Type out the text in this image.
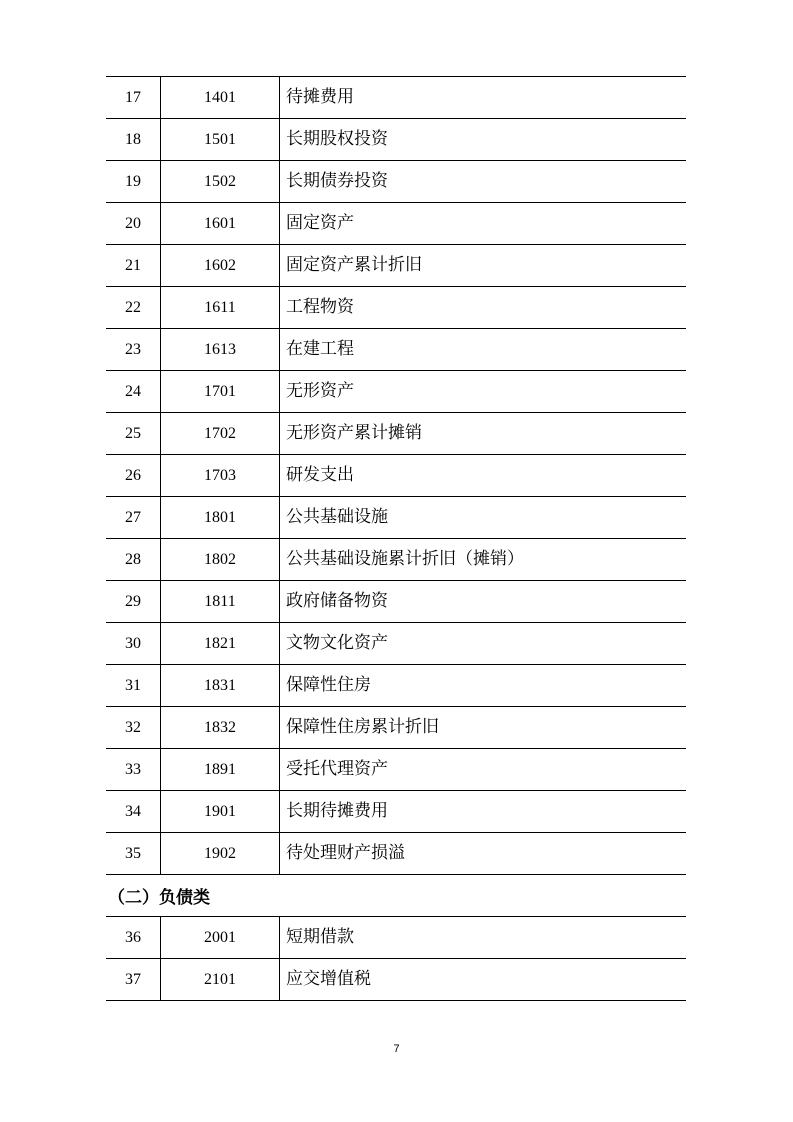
17	1401	待摊费用
18	1501	长期股权投资
19	1502	长期债券投资
20	1601	固定资产
21	1602	固定资产累计折旧
22	1611	工程物资
23	1613	在建工程
24	1701	无形资产
25	1702	无形资产累计摊销
26	1703	研发支出
27	1801	公共基础设施
28	1802	公共基础设施累计折旧（摊销）
29	1811	政府储备物资
30	1821	文物文化资产
31	1831	保障性住房
32	1832	保障性住房累计折旧
33	1891	受托代理资产
34	1901	长期待摊费用
35	1902	待处理财产损溢
（二）负债类
36	2001	短期借款
37	2101	应交增值税
7
